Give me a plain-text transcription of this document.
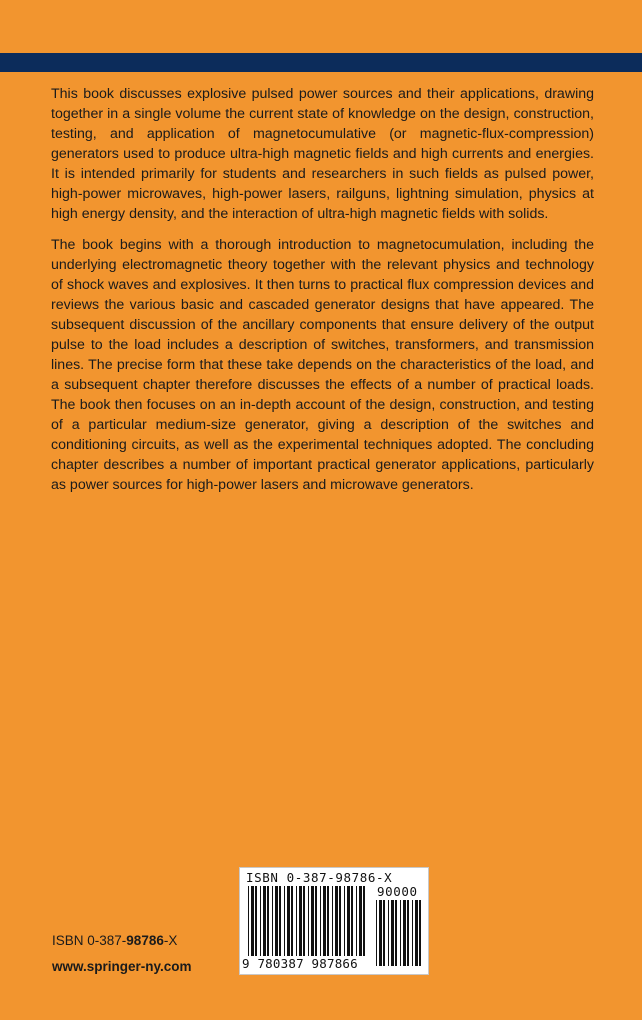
This book discusses explosive pulsed power sources and their applications, drawing together in a single volume the current state of knowledge on the design, construction, testing, and application of magnetocumulative (or magnetic-flux-compression) generators used to produce ultra-high magnetic fields and high currents and energies. It is intended primarily for students and researchers in such fields as pulsed power, high-power microwaves, high-power lasers, railguns, lightning simulation, physics at high energy density, and the interaction of ultra-high magnetic fields with solids.

The book begins with a thorough introduction to magnetocumulation, including the underlying electromagnetic theory together with the relevant physics and technology of shock waves and explosives. It then turns to practical flux compression devices and reviews the various basic and cascaded generator designs that have appeared. The subsequent discussion of the ancillary components that ensure delivery of the output pulse to the load includes a description of switches, transformers, and transmission lines. The precise form that these take depends on the characteristics of the load, and a subsequent chapter therefore discusses the effects of a number of practical loads. The book then focuses on an in-depth account of the design, construction, and testing of a particular medium-size generator, giving a description of the switches and conditioning circuits, as well as the experimental techniques adopted. The concluding chapter describes a number of important practical generator applications, particularly as power sources for high-power lasers and microwave generators.

ISBN 0-387-98786-X
www.springer-ny.com
ISBN 0-387-98786-X
90000
9 780387 987866
